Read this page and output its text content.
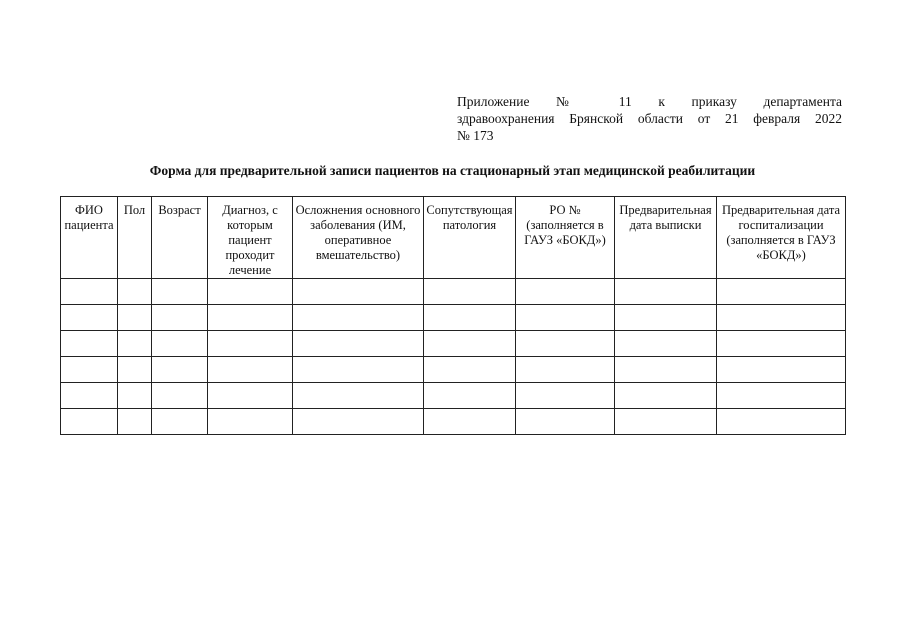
Приложение № 11 к приказу департамента
здравоохранения Брянской области от 21 февраля 2022
№ 173
Форма для предварительной записи пациентов на стационарный этап медицинской реабилитации
ФИО пациента	Пол	Возраст	Диагноз, с которым пациент проходит лечение	Осложнения основного заболевания (ИМ, оперативное вмешательство)	Сопутствующая патология	РО № (заполняется в ГАУЗ «БОКД»)	Предварительная дата выписки	Предварительная дата госпитализации (заполняется в ГАУЗ «БОКД»)
